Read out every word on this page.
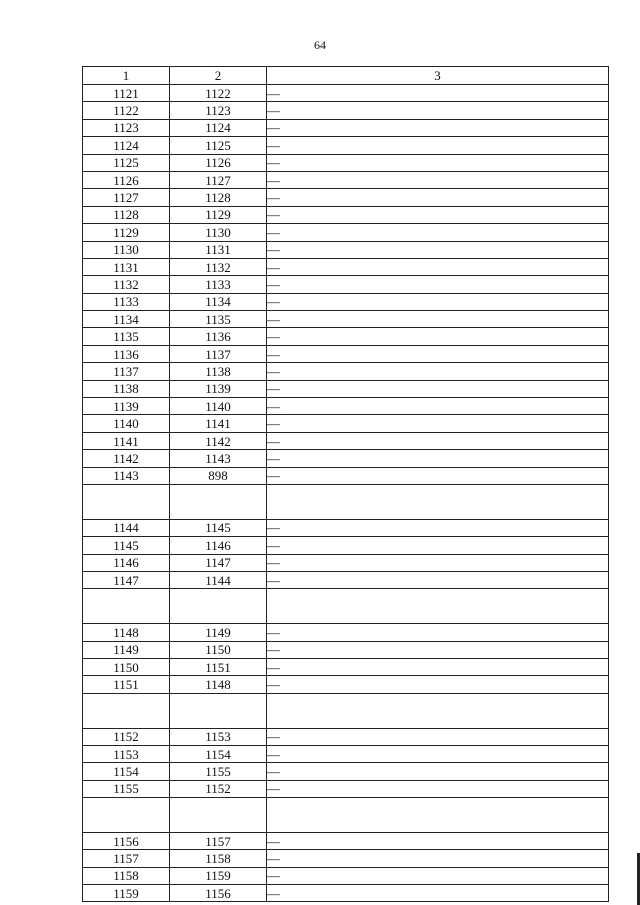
64
1	2	3
1121	1122	—
1122	1123	—
1123	1124	—
1124	1125	—
1125	1126	—
1126	1127	—
1127	1128	—
1128	1129	—
1129	1130	—
1130	1131	—
1131	1132	—
1132	1133	—
1133	1134	—
1134	1135	—
1135	1136	—
1136	1137	—
1137	1138	—
1138	1139	—
1139	1140	—
1140	1141	—
1141	1142	—
1142	1143	—
1143	898	—

1144	1145	—
1145	1146	—
1146	1147	—
1147	1144	—

1148	1149	—
1149	1150	—
1150	1151	—
1151	1148	—

1152	1153	—
1153	1154	—
1154	1155	—
1155	1152	—

1156	1157	—
1157	1158	—
1158	1159	—
1159	1156	—
